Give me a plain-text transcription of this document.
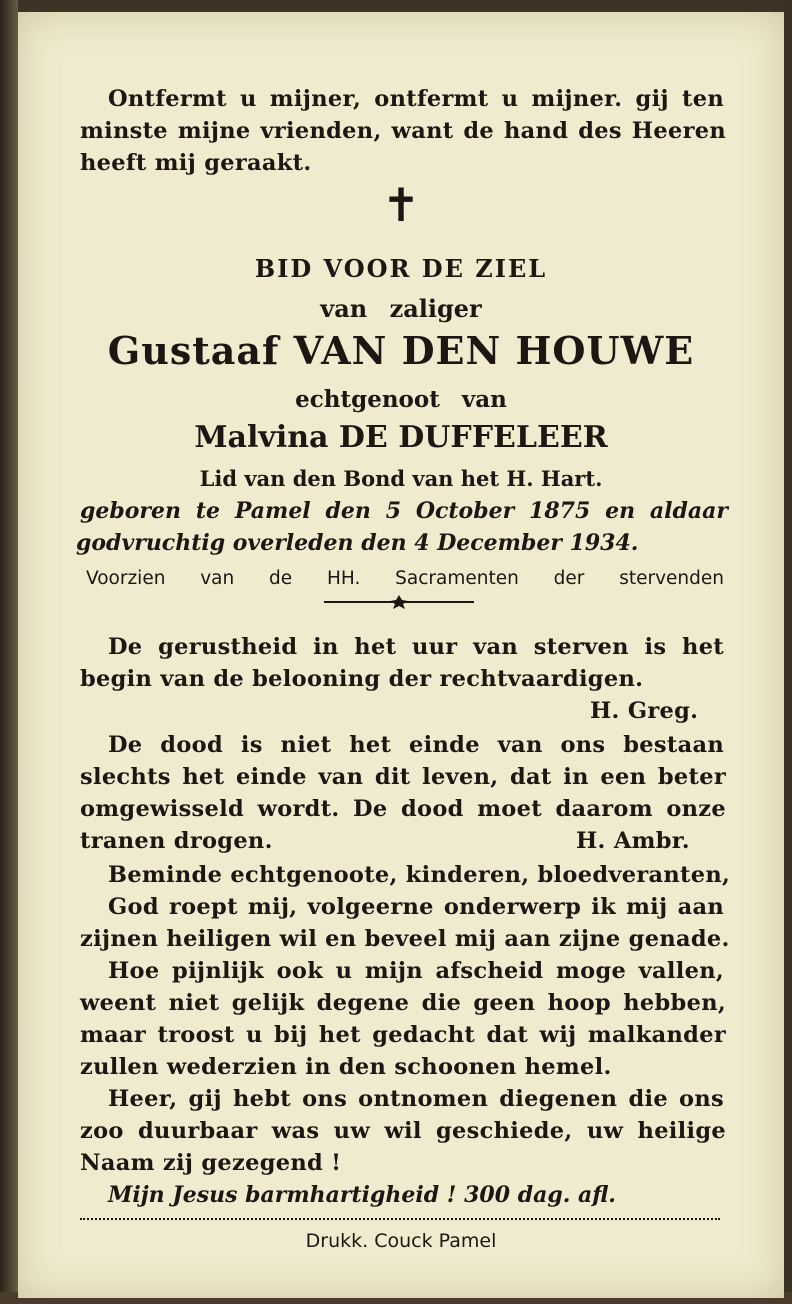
Ontfermt u mijner, ontfermt u mijner. gij ten

minste mijne vrienden, want de hand des Heeren

heeft mij geraakt.

✝

BID VOOR DE ZIEL

van zaliger

Gustaaf VAN DEN HOUWE

echtgenoot van

Malvina DE DUFFELEER

Lid van den Bond van het H. Hart.

geboren te Pamel den 5 October 1875 en aldaar

godvruchtig overleden den 4 December 1934.

Voorzien van de HH. Sacramenten der stervenden

De gerustheid in het uur van sterven is het

begin van de belooning der rechtvaardigen.

H. Greg.

De dood is niet het einde van ons bestaan

slechts het einde van dit leven, dat in een beter

omgewisseld wordt. De dood moet daarom onze

tranen drogen.	H. Ambr.

Beminde echtgenoote, kinderen, bloedveranten,

God roept mij, volgeerne onderwerp ik mij aan

zijnen heiligen wil en beveel mij aan zijne genade.

Hoe pijnlijk ook u mijn afscheid moge vallen,

weent niet gelijk degene die geen hoop hebben,

maar troost u bij het gedacht dat wij malkander

zullen wederzien in den schoonen hemel.

Heer, gij hebt ons ontnomen diegenen die ons

zoo duurbaar was uw wil geschiede, uw heilige

Naam zij gezegend !

Mijn Jesus barmhartigheid ! 300 dag. afl.

Drukk. Couck Pamel
